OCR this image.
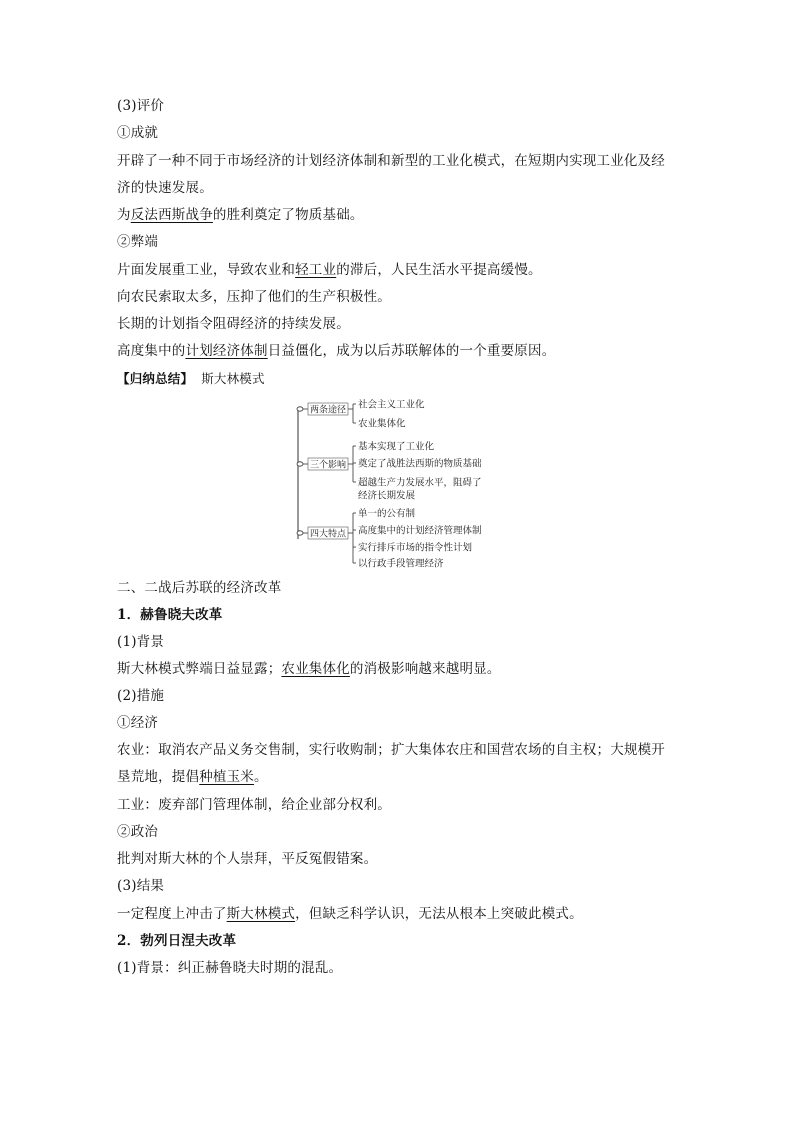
(3)评价
①成就
开辟了一种不同于市场经济的计划经济体制和新型的工业化模式，在短期内实现工业化及经
济的快速发展。
为反法西斯战争的胜利奠定了物质基础。
②弊端
片面发展重工业，导致农业和轻工业的滞后，人民生活水平提高缓慢。
向农民索取太多，压抑了他们的生产积极性。
长期的计划指令阻碍经济的持续发展。
高度集中的计划经济体制日益僵化，成为以后苏联解体的一个重要原因。
【归纳总结】 斯大林模式
两条途径 社会主义工业化
农业集体化
三个影响
基本实现了工业化
奠定了战胜法西斯的物质基础
超越生产力发展水平，阻碍了
经济长期发展
四大特点
单一的公有制
高度集中的计划经济管理体制
实行排斥市场的指令性计划
以行政手段管理经济
二、二战后苏联的经济改革
1．赫鲁晓夫改革
(1)背景
斯大林模式弊端日益显露；农业集体化的消极影响越来越明显。
(2)措施
①经济
农业：取消农产品义务交售制，实行收购制；扩大集体农庄和国营农场的自主权；大规模开
垦荒地，提倡种植玉米。
工业：废弃部门管理体制，给企业部分权利。
②政治
批判对斯大林的个人崇拜，平反冤假错案。
(3)结果
一定程度上冲击了斯大林模式，但缺乏科学认识，无法从根本上突破此模式。
2．勃列日涅夫改革
(1)背景：纠正赫鲁晓夫时期的混乱。
